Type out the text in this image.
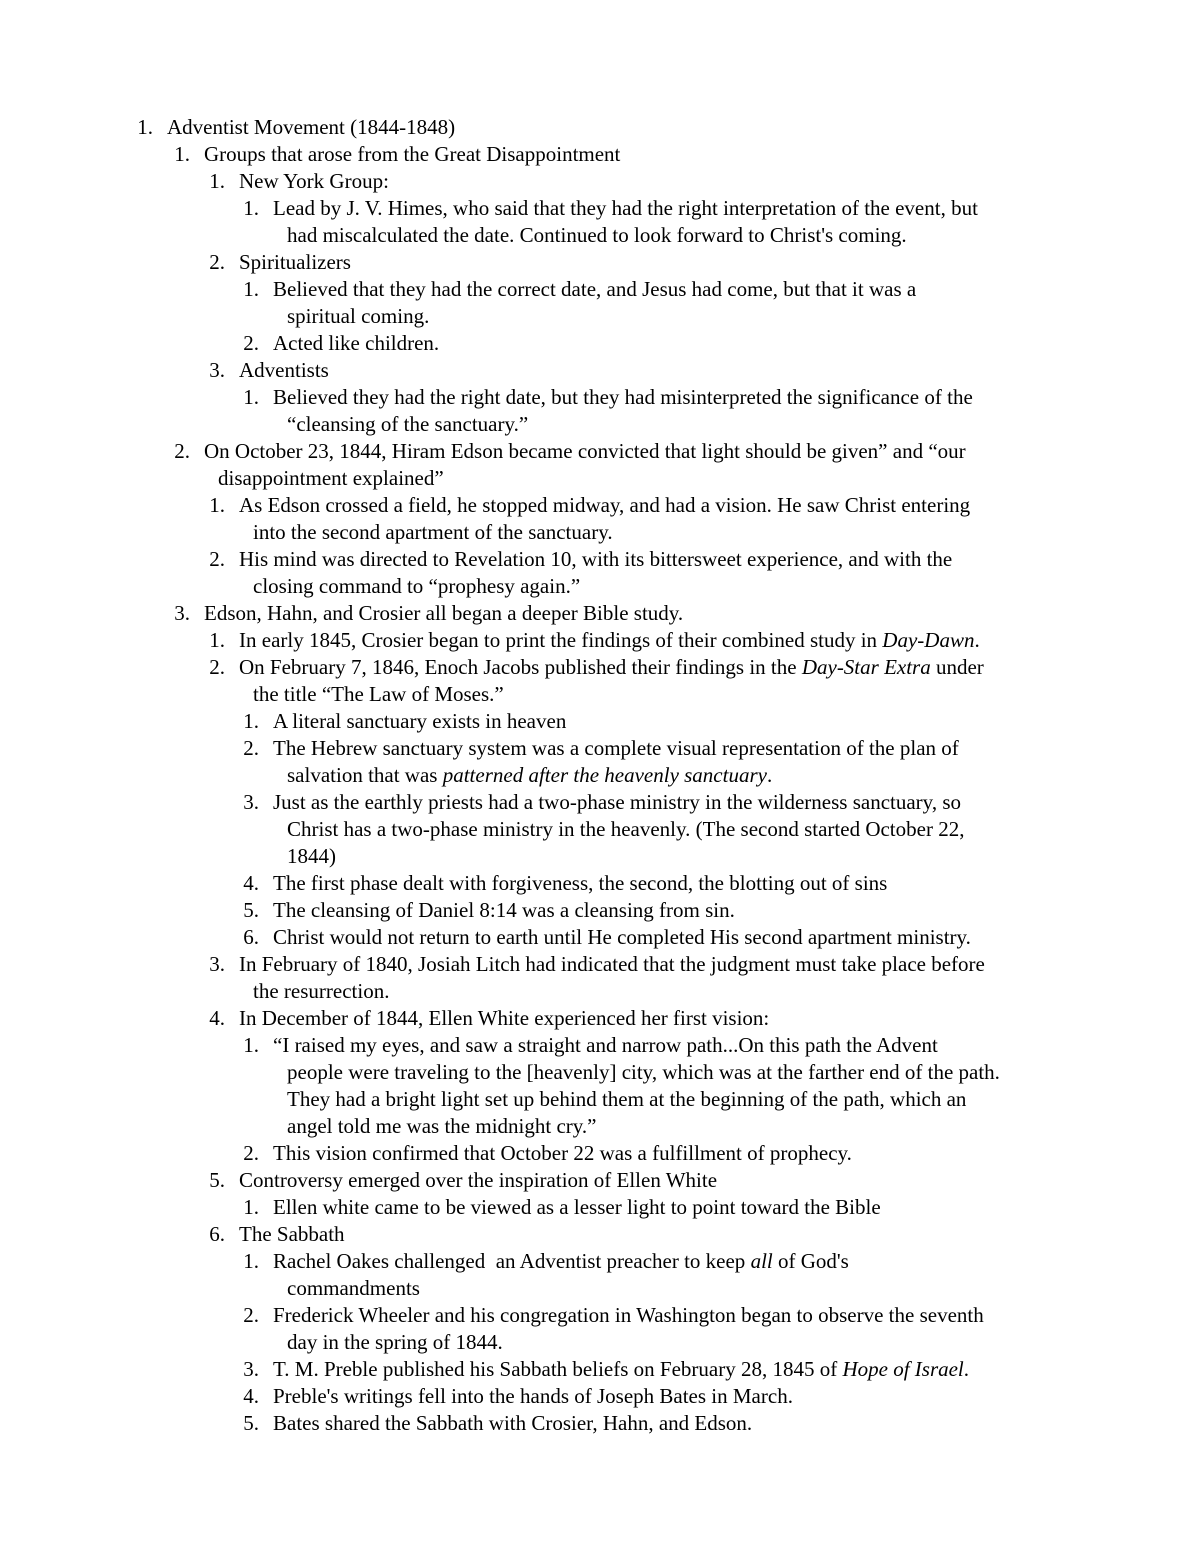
1. Adventist Movement (1844-1848)
1. Groups that arose from the Great Disappointment
1. New York Group:
1. Lead by J. V. Himes, who said that they had the right interpretation of the event, but
had miscalculated the date. Continued to look forward to Christ's coming.
2. Spiritualizers
1. Believed that they had the correct date, and Jesus had come, but that it was a
spiritual coming.
2. Acted like children.
3. Adventists
1. Believed they had the right date, but they had misinterpreted the significance of the
“cleansing of the sanctuary.”
2. On October 23, 1844, Hiram Edson became convicted that light should be given” and “our
disappointment explained”
1. As Edson crossed a field, he stopped midway, and had a vision. He saw Christ entering
into the second apartment of the sanctuary.
2. His mind was directed to Revelation 10, with its bittersweet experience, and with the
closing command to “prophesy again.”
3. Edson, Hahn, and Crosier all began a deeper Bible study.
1. In early 1845, Crosier began to print the findings of their combined study in Day-Dawn.
2. On February 7, 1846, Enoch Jacobs published their findings in the Day-Star Extra under
the title “The Law of Moses.”
1. A literal sanctuary exists in heaven
2. The Hebrew sanctuary system was a complete visual representation of the plan of
salvation that was patterned after the heavenly sanctuary.
3. Just as the earthly priests had a two-phase ministry in the wilderness sanctuary, so
Christ has a two-phase ministry in the heavenly. (The second started October 22,
1844)
4. The first phase dealt with forgiveness, the second, the blotting out of sins
5. The cleansing of Daniel 8:14 was a cleansing from sin.
6. Christ would not return to earth until He completed His second apartment ministry.
3. In February of 1840, Josiah Litch had indicated that the judgment must take place before
the resurrection.
4. In December of 1844, Ellen White experienced her first vision:
1. “I raised my eyes, and saw a straight and narrow path...On this path the Advent
people were traveling to the [heavenly] city, which was at the farther end of the path.
They had a bright light set up behind them at the beginning of the path, which an
angel told me was the midnight cry.”
2. This vision confirmed that October 22 was a fulfillment of prophecy.
5. Controversy emerged over the inspiration of Ellen White
1. Ellen white came to be viewed as a lesser light to point toward the Bible
6. The Sabbath
1. Rachel Oakes challenged  an Adventist preacher to keep all of God's
commandments
2. Frederick Wheeler and his congregation in Washington began to observe the seventh
day in the spring of 1844.
3. T. M. Preble published his Sabbath beliefs on February 28, 1845 of Hope of Israel.
4. Preble's writings fell into the hands of Joseph Bates in March.
5. Bates shared the Sabbath with Crosier, Hahn, and Edson.
